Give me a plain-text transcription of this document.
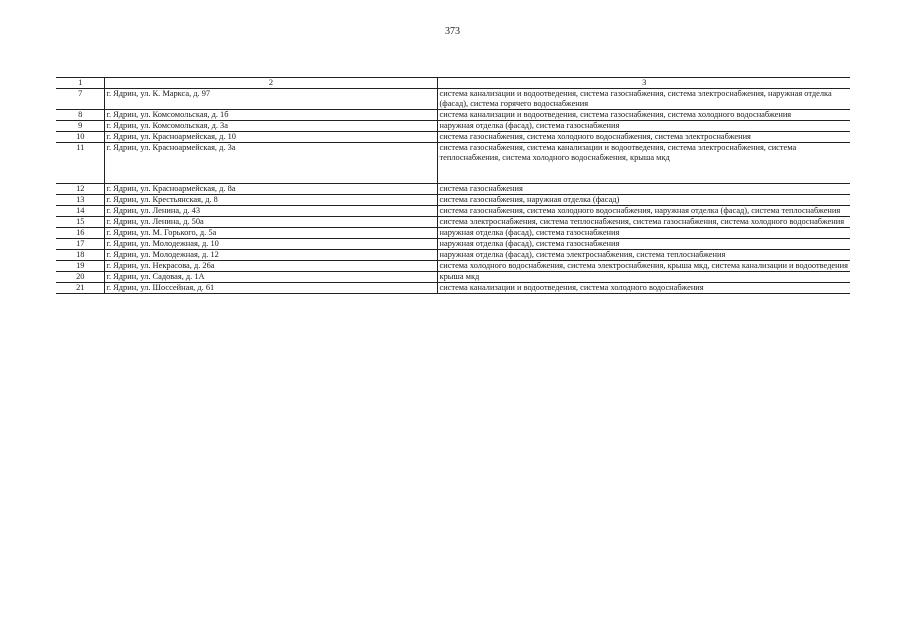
373
1	2	3
7	г. Ядрин, ул. К. Маркса, д. 97	система канализации и водоотведения, система газоснабжения, система электроснабжения, наружная отделка (фасад), система горячего водоснабжения
8	г. Ядрин, ул. Комсомольская, д. 1б	система канализации и водоотведения, система газоснабжения, система холодного водоснабжения
9	г. Ядрин, ул. Комсомольская, д. 3а	наружная отделка (фасад), система газоснабжения
10	г. Ядрин, ул. Красноармейская, д. 10	система газоснабжения, система холодного водоснабжения, система электроснабжения
11	г. Ядрин, ул. Красноармейская, д. 3а	система газоснабжения, система канализации и водоотведения, система электроснабжения, система теплоснабжения, система холодного водоснабжения, крыша мкд
12	г. Ядрин, ул. Красноармейская, д. 8а	система газоснабжения
13	г. Ядрин, ул. Крестьянская, д. 8	система газоснабжения, наружная отделка (фасад)
14	г. Ядрин, ул. Ленина, д. 43	система газоснабжения, система холодного водоснабжения, наружная отделка (фасад), система теплоснабжения
15	г. Ядрин, ул. Ленина, д. 50а	система электроснабжения, система теплоснабжения, система газоснабжения, система холодного водоснабжения
16	г. Ядрин, ул. М. Горького, д. 5а	наружная отделка (фасад), система газоснабжения
17	г. Ядрин, ул. Молодежная, д. 10	наружная отделка (фасад), система газоснабжения
18	г. Ядрин, ул. Молодежная, д. 12	наружная отделка (фасад), система электроснабжения, система теплоснабжения
19	г. Ядрин, ул. Некрасова, д. 26а	система холодного водоснабжения, система электроснабжения, крыша мкд, система канализации и водоотведения
20	г. Ядрин, ул. Садовая, д. 1А	крыша мкд
21	г. Ядрин, ул. Шоссейная, д. 61	система канализации и водоотведения, система холодного водоснабжения
